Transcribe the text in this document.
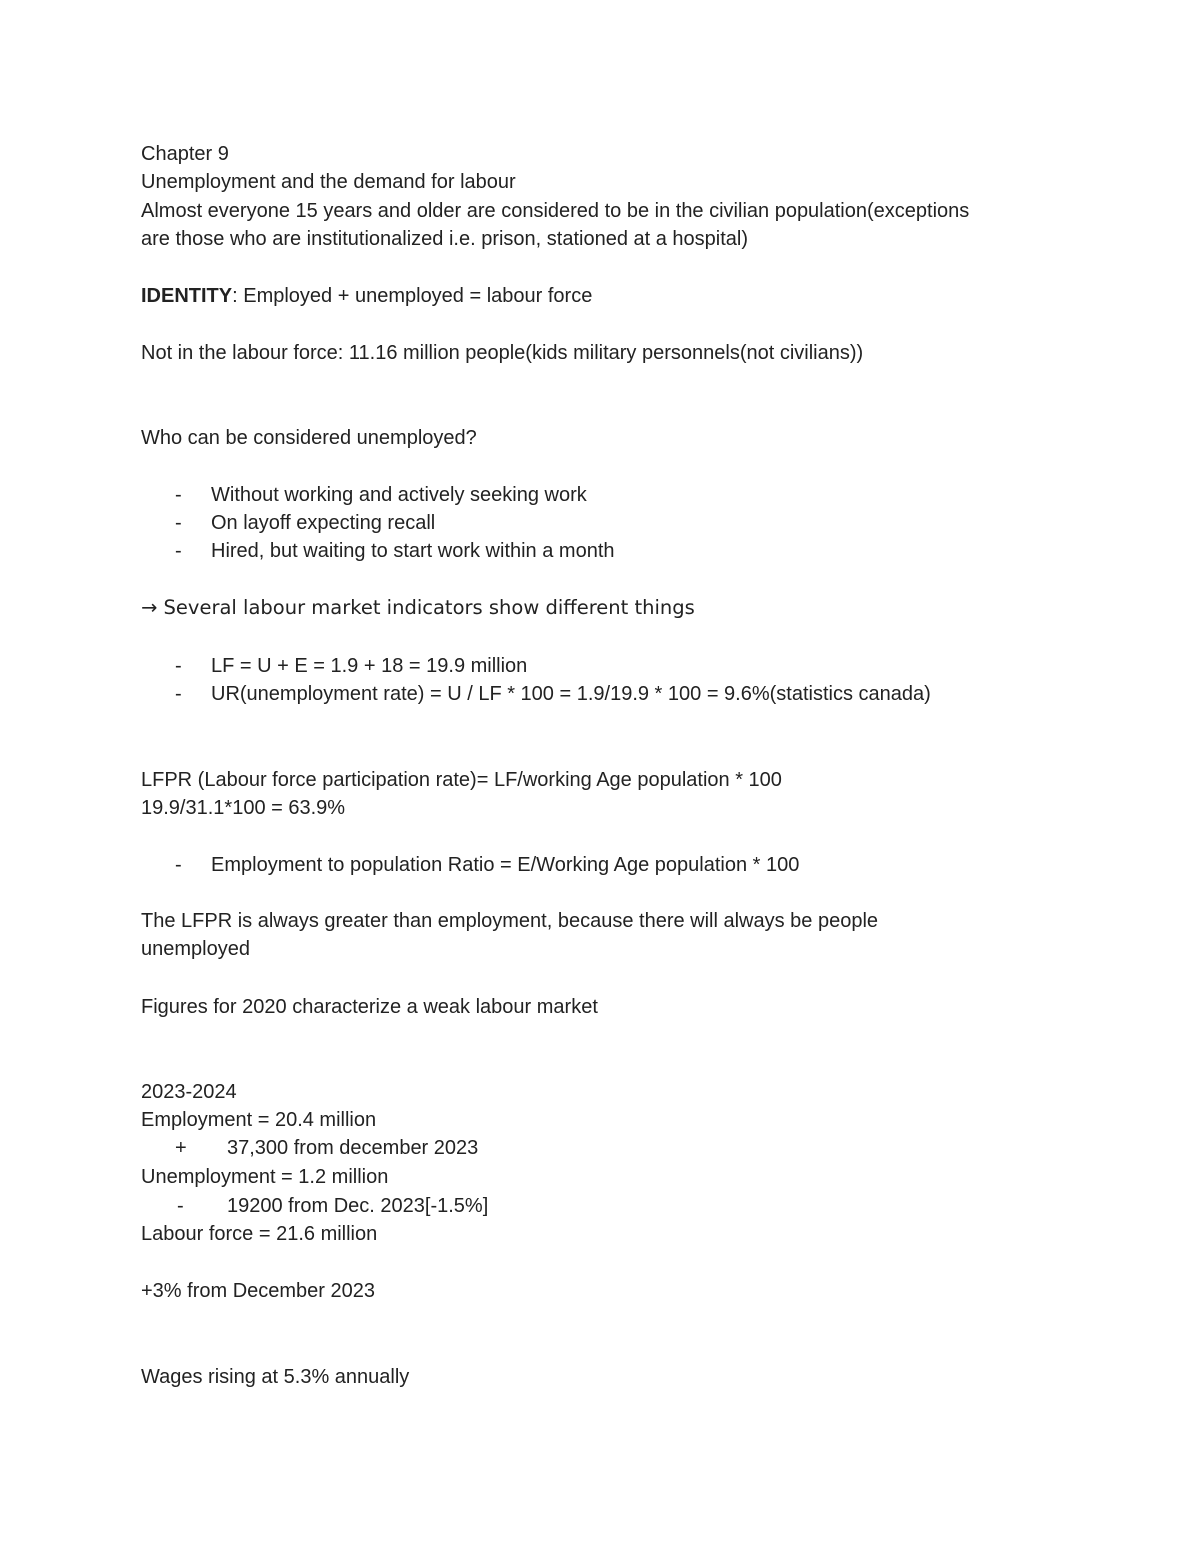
Chapter 9
Unemployment and the demand for labour
Almost everyone 15 years and older are considered to be in the civilian population(exceptions
are those who are institutionalized i.e. prison, stationed at a hospital)
IDENTITY: Employed + unemployed = labour force
Not in the labour force: 11.16 million people(kids military personnels(not civilians))
Who can be considered unemployed?
- Without working and actively seeking work
- On layoff expecting recall
- Hired, but waiting to start work within a month
→ Several labour market indicators show different things
- LF = U + E = 1.9 + 18 = 19.9 million
- UR(unemployment rate) = U / LF * 100 = 1.9/19.9 * 100 = 9.6%(statistics canada)
LFPR (Labour force participation rate)= LF/working Age population * 100
19.9/31.1*100 = 63.9%
- Employment to population Ratio = E/Working Age population * 100
The LFPR is always greater than employment, because there will always be people
unemployed
Figures for 2020 characterize a weak labour market
2023-2024
Employment = 20.4 million
+ 37,300 from december 2023
Unemployment = 1.2 million
- 19200 from Dec. 2023[-1.5%]
Labour force = 21.6 million
+3% from December 2023
Wages rising at 5.3% annually
